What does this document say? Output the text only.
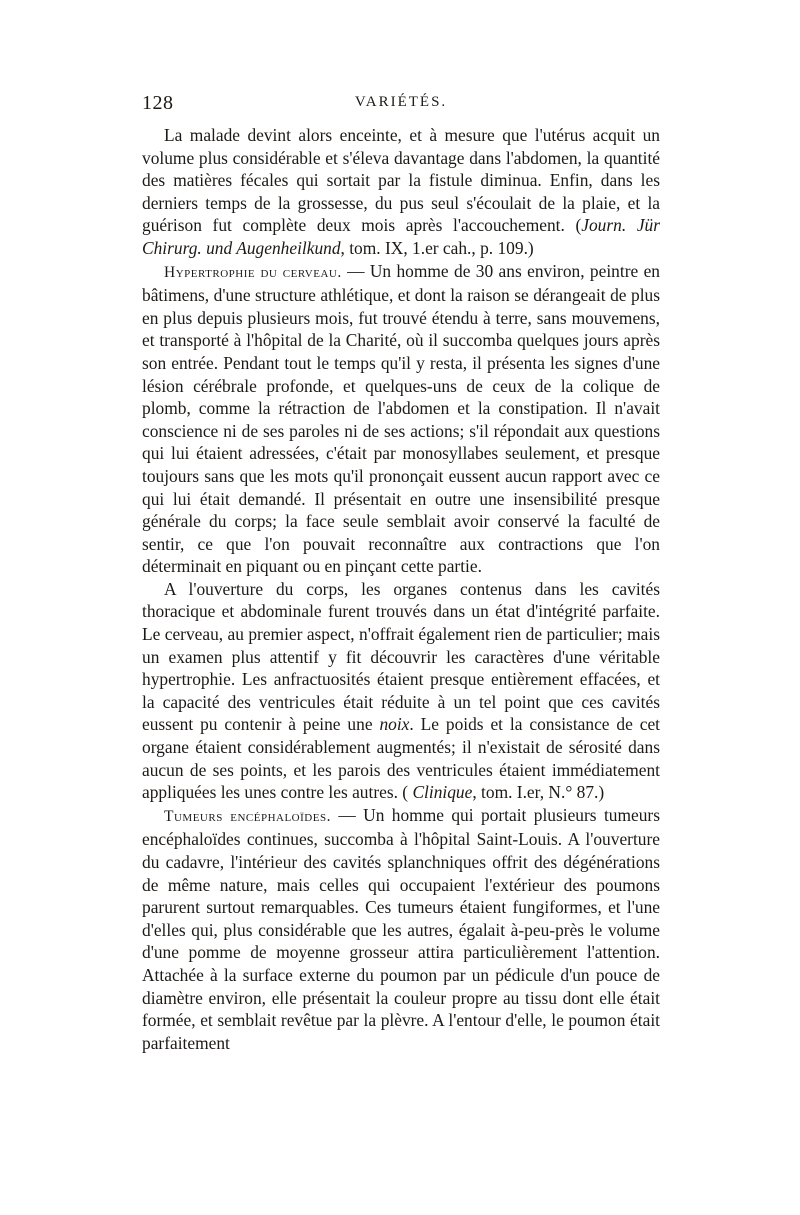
128	VARIÉTÉS.

La malade devint alors enceinte, et à mesure que l'utérus acquit un volume plus considérable et s'éleva davantage dans l'abdomen, la quantité des matières fécales qui sortait par la fistule diminua. Enfin, dans les derniers temps de la grossesse, du pus seul s'écoulait de la plaie, et la guérison fut complète deux mois après l'accouchement. (Journ. Jür Chirurg. und Augenheilkund, tom. IX, 1.er cah., p. 109.)

Hypertrophie du cerveau. — Un homme de 30 ans environ, peintre en bâtimens, d'une structure athlétique, et dont la raison se dérangeait de plus en plus depuis plusieurs mois, fut trouvé étendu à terre, sans mouvemens, et transporté à l'hôpital de la Charité, où il succomba quelques jours après son entrée. Pendant tout le temps qu'il y resta, il présenta les signes d'une lésion cérébrale profonde, et quelques-uns de ceux de la colique de plomb, comme la rétraction de l'abdomen et la constipation. Il n'avait conscience ni de ses paroles ni de ses actions; s'il répondait aux questions qui lui étaient adressées, c'était par monosyllabes seulement, et presque toujours sans que les mots qu'il prononçait eussent aucun rapport avec ce qui lui était demandé. Il présentait en outre une insensibilité presque générale du corps; la face seule semblait avoir conservé la faculté de sentir, ce que l'on pouvait reconnaître aux contractions que l'on déterminait en piquant ou en pinçant cette partie.

A l'ouverture du corps, les organes contenus dans les cavités thoracique et abdominale furent trouvés dans un état d'intégrité parfaite. Le cerveau, au premier aspect, n'offrait également rien de particulier; mais un examen plus attentif y fit découvrir les caractères d'une véritable hypertrophie. Les anfractuosités étaient presque entièrement effacées, et la capacité des ventricules était réduite à un tel point que ces cavités eussent pu contenir à peine une noix. Le poids et la consistance de cet organe étaient considérablement augmentés; il n'existait de sérosité dans aucun de ses points, et les parois des ventricules étaient immédiatement appliquées les unes contre les autres. ( Clinique, tom. I.er, N.° 87.)

Tumeurs encéphaloïdes. — Un homme qui portait plusieurs tumeurs encéphaloïdes continues, succomba à l'hôpital Saint-Louis. A l'ouverture du cadavre, l'intérieur des cavités splanchniques offrit des dégénérations de même nature, mais celles qui occupaient l'extérieur des poumons parurent surtout remarquables. Ces tumeurs étaient fungiformes, et l'une d'elles qui, plus considérable que les autres, égalait à-peu-près le volume d'une pomme de moyenne grosseur attira particulièrement l'attention. Attachée à la surface externe du poumon par un pédicule d'un pouce de diamètre environ, elle présentait la couleur propre au tissu dont elle était formée, et semblait revêtue par la plèvre. A l'entour d'elle, le poumon était parfaitement
